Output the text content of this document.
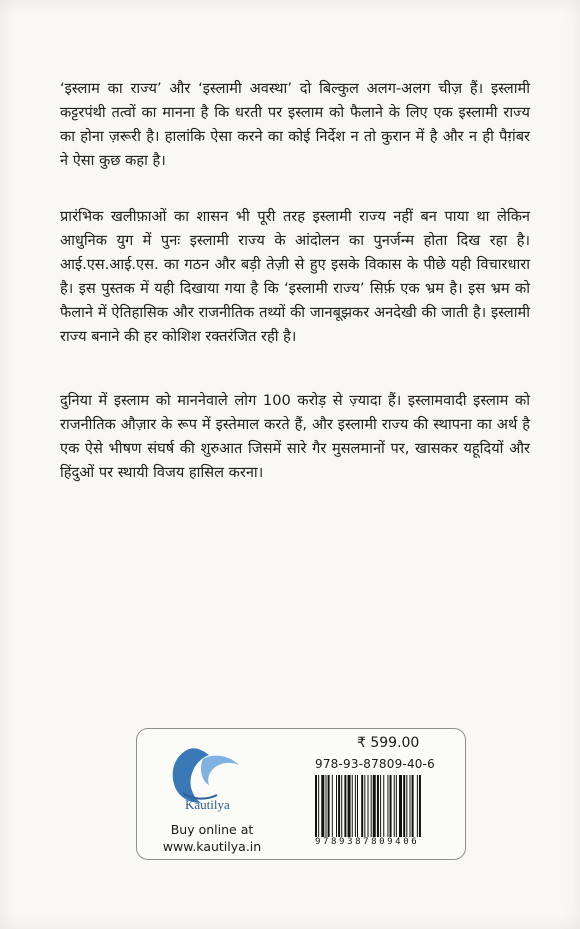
‘इस्लाम का राज्य’ और ‘इस्लामी अवस्था’ दो बिल्कुल अलग-अलग चीज़ हैं। इस्लामी कट्टरपंथी तत्वों का मानना है कि धरती पर इस्लाम को फैलाने के लिए एक इस्लामी राज्य का होना ज़रूरी है। हालांकि ऐसा करने का कोई निर्देश न तो कुरान में है और न ही पैग़ंबर ने ऐसा कुछ कहा है।

प्रारंभिक खलीफ़ाओं का शासन भी पूरी तरह इस्लामी राज्य नहीं बन पाया था लेकिन आधुनिक युग में पुनः इस्लामी राज्य के आंदोलन का पुनर्जन्म होता दिख रहा है। आई.एस.आई.एस. का गठन और बड़ी तेज़ी से हुए इसके विकास के पीछे यही विचारधारा है। इस पुस्तक में यही दिखाया गया है कि ‘इस्लामी राज्य’ सिर्फ़ एक भ्रम है। इस भ्रम को फैलाने में ऐतिहासिक और राजनीतिक तथ्यों की जानबूझकर अनदेखी की जाती है। इस्लामी राज्य बनाने की हर कोशिश रक्तरंजित रही है।

दुनिया में इस्लाम को माननेवाले लोग 100 करोड़ से ज़्यादा हैं। इस्लामवादी इस्लाम को राजनीतिक औज़ार के रूप में इस्तेमाल करते हैं, और इस्लामी राज्य की स्थापना का अर्थ है एक ऐसे भीषण संघर्ष की शुरुआत जिसमें सारे गैर मुसलमानों पर, खासकर यहूदियों और हिंदुओं पर स्थायी विजय हासिल करना।

Kautilya
Buy online at
www.kautilya.in
₹ 599.00
978-93-87809-40-6
9789387809406
